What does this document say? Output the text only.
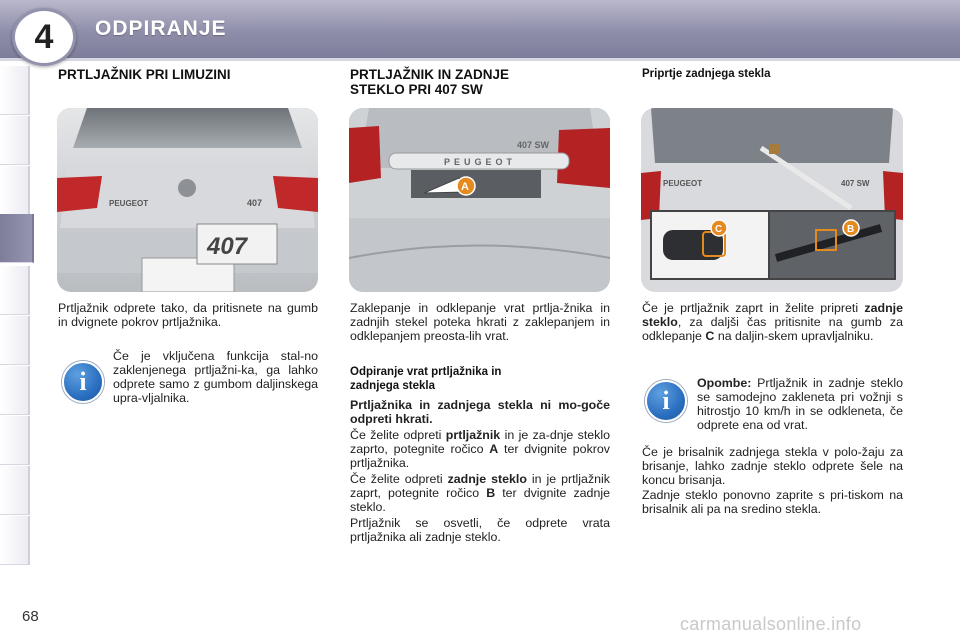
4 ODPIRANJE
PRTLJAŽNIK PRI LIMUZINI
PEUGEOT	407
407
Prtljažnik odprete tako, da pritisnete na gumb in dvignete pokrov prtljažnika.
i
Če je vključena funkcija stal-no zaklenjenega prtljažni-ka, ga lahko odprete samo z gumbom daljinskega upra-vljalnika.
PRTLJAŽNIK IN ZADNJE
STEKLO PRI 407 SW
PEUGEOT
407 SW
A
Zaklepanje in odklepanje vrat prtlja-žnika in zadnjih stekel poteka hkrati z zaklepanjem in odklepanjem preosta-lih vrat.
Odpiranje vrat prtljažnika in
zadnjega stekla
Prtljažnika in zadnjega stekla ni mo-goče odpreti hkrati.
Če želite odpreti prtljažnik in je za-dnje steklo zaprto, potegnite ročico A ter dvignite pokrov prtljažnika.
Če želite odpreti zadnje steklo in je prtljažnik zaprt, potegnite ročico B ter dvignite zadnje steklo.
Prtljažnik se osvetli, če odprete vrata prtljažnika ali zadnje steklo.
Priprtje zadnjega stekla
PEUGEOT	407 SW
C	B
Če je prtljažnik zaprt in želite pripreti zadnje steklo, za daljši čas pritisnite na gumb za odklepanje C na daljin-skem upravljalniku.
i
Opombe: Prtljažnik in zadnje steklo se samodejno zakleneta pri vožnji s hitrostjo 10 km/h in se odkleneta, če odprete ena od vrat.
Če je brisalnik zadnjega stekla v polo-žaju za brisanje, lahko zadnje steklo odprete šele na koncu brisanja.
Zadnje steklo ponovno zaprite s pri-tiskom na brisalnik ali pa na sredino stekla.
68	carmanualsonline.info
